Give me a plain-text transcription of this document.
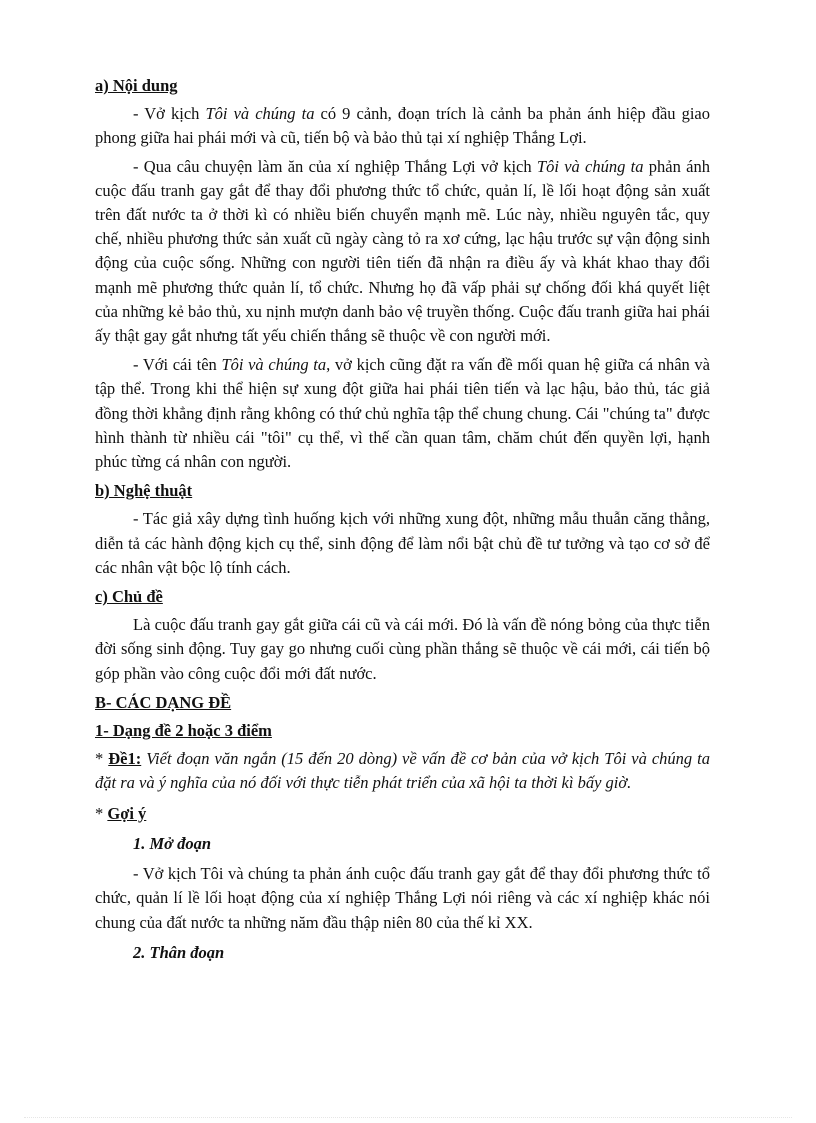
a) Nội dung
- Vở kịch Tôi và chúng ta có 9 cảnh, đoạn trích là cảnh ba phản ánh hiệp đầu giao phong giữa hai phái mới và cũ, tiến bộ và bảo thủ tại xí nghiệp Thắng Lợi.
- Qua câu chuyện làm ăn của xí nghiệp Thắng Lợi vở kịch Tôi và chúng ta phản ánh cuộc đấu tranh gay gắt để thay đổi phương thức tổ chức, quản lí, lề lối hoạt động sản xuất trên đất nước ta ở thời kì có nhiều biến chuyển mạnh mẽ. Lúc này, nhiều nguyên tắc, quy chế, nhiều phương thức sản xuất cũ ngày càng tỏ ra xơ cứng, lạc hậu trước sự vận động sinh động của cuộc sống. Những con người tiên tiến đã nhận ra điều ấy và khát khao thay đổi mạnh mẽ phương thức quản lí, tổ chức. Nhưng họ đã vấp phải sự chống đối khá quyết liệt của những kẻ bảo thủ, xu nịnh mượn danh bảo vệ truyền thống. Cuộc đấu tranh giữa hai phái ấy thật gay gắt nhưng tất yếu chiến thắng sẽ thuộc về con người mới.
- Với cái tên Tôi và chúng ta, vở kịch cũng đặt ra vấn đề mối quan hệ giữa cá nhân và tập thể. Trong khi thể hiện sự xung đột giữa hai phái tiên tiến và lạc hậu, bảo thủ, tác giả đồng thời khẳng định rằng không có thứ chủ nghĩa tập thể chung chung. Cái "chúng ta" được hình thành từ nhiều cái "tôi" cụ thể, vì thế cần quan tâm, chăm chút đến quyền lợi, hạnh phúc từng cá nhân con người.
b) Nghệ thuật
- Tác giả xây dựng tình huống kịch với những xung đột, những mẫu thuẫn căng thẳng, diễn tả các hành động kịch cụ thể, sinh động để làm nổi bật chủ đề tư tưởng và tạo cơ sở để các nhân vật bộc lộ tính cách.
c) Chủ đề
Là cuộc đấu tranh gay gắt giữa cái cũ và cái mới. Đó là vấn đề nóng bỏng của thực tiễn đời sống sinh động. Tuy gay go nhưng cuối cùng phần thắng sẽ thuộc về cái mới, cái tiến bộ góp phần vào công cuộc đổi mới đất nước.
B- CÁC DẠNG ĐỀ
1- Dạng đề 2 hoặc 3 điểm
* Đề1: Viết đoạn văn ngắn (15 đến 20 dòng) về vấn đề cơ bản của vở kịch Tôi và chúng ta đặt ra và ý nghĩa của nó đối với thực tiễn phát triển của xã hội ta thời kì bấy giờ.
* Gợi ý
1. Mở đoạn
- Vở kịch Tôi và chúng ta phản ánh cuộc đấu tranh gay gắt để thay đổi phương thức tổ chức, quản lí lề lối hoạt động của xí nghiệp Thắng Lợi nói riêng và các xí nghiệp khác nói chung của đất nước ta những năm đầu thập niên 80 của thế kỉ XX.
2. Thân đoạn
